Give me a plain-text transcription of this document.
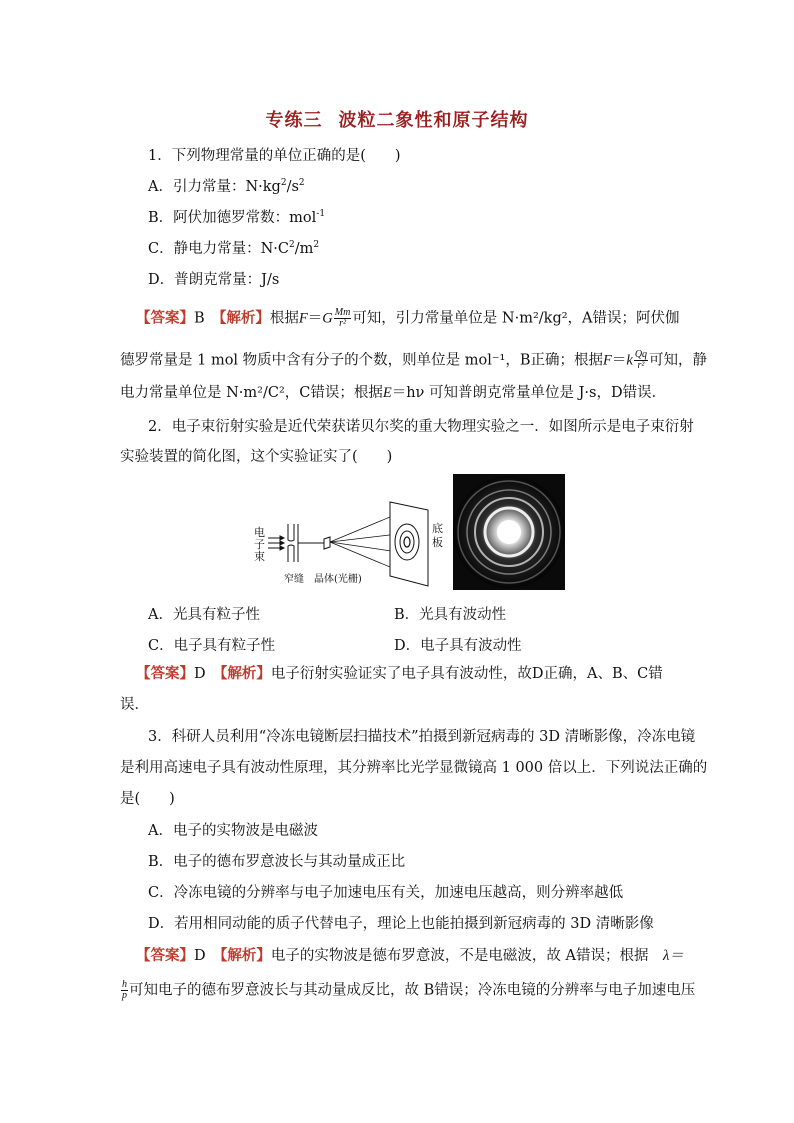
专练三 波粒二象性和原子结构
1．下列物理常量的单位正确的是(　　)
A．引力常量：$N\cdot kg^2/s^2$
B．阿伏加德罗常数：mol$^{-1}$
C．静电力常量：$N\cdot C^2/m^2$
D．普朗克常量：J/s
【答案】B　 【解析】根据$F=G \frac{Mm}{\text{r²}}$ 可知，引力常量单位是 N·m²/kg²，A错误；阿伏伽
德罗常量是 1 mol 物质中含有分子的个数，则单位是 mol⁻¹，B正确；根据$F=k \frac{Qq}{\text{r²}}$ 可知，静
电力常量单位是 N·m²/C²，C错误；根据E＝hν 可知普朗克常量单位是 J·s，D错误．
2．电子束衍射实验是近代荣获诺贝尔奖的重大物理实验之一．如图所示是电子束衍射
实验装置的简化图，这个实验证实了(　　)
电
子
束
窄缝 晶体(光栅)
底
板
A．光具有粒子性	B．光具有波动性
C．电子具有粒子性	D．电子具有波动性
【答案】D　 【解析】电子衍射实验证实了电子具有波动性，故D正确，A、B、C错
误．
3．科研人员利用“冷冻电镜断层扫描技术”拍摄到新冠病毒的 3D 清晰影像，冷冻电镜
是利用高速电子具有波动性原理，其分辨率比光学显微镜高 1 000 倍以上．下列说法正确的
是(　　)
A．电子的实物波是电磁波
B．电子的德布罗意波长与其动量成正比
C．冷冻电镜的分辨率与电子加速电压有关，加速电压越高，则分辨率越低
D．若用相同动能的质子代替电子，理论上也能拍摄到新冠病毒的 3D 清晰影像
【答案】D　 【解析】电子的实物波是德布罗意波，不是电磁波，故 A错误；根据　 λ＝
$\frac{h}{p}$ 可知电子的德布罗意波长与其动量成反比，故 B错误；冷冻电镜的分辨率与电子加速电压
